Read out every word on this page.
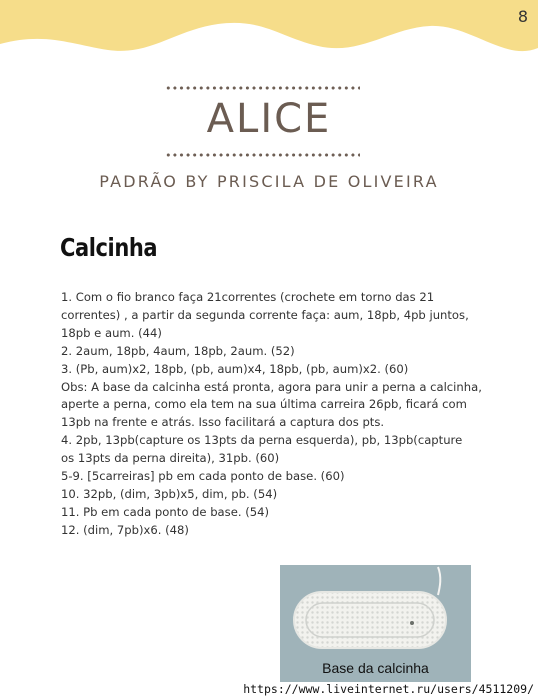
8
ALICE
PADRÃO BY PRISCILA DE OLIVEIRA
Calcinha
1. Com o fio branco faça 21correntes (crochete em torno das 21
correntes) , a partir da segunda corrente faça: aum, 18pb, 4pb juntos,
18pb e aum. (44)
2. 2aum, 18pb, 4aum, 18pb, 2aum. (52)
3. (Pb, aum)x2, 18pb, (pb, aum)x4, 18pb, (pb, aum)x2. (60)
Obs: A base da calcinha está pronta, agora para unir a perna a calcinha,
aperte a perna, como ela tem na sua última carreira 26pb, ficará com
13pb na frente e atrás. Isso facilitará a captura dos pts.
4. 2pb, 13pb(capture os 13pts da perna esquerda), pb, 13pb(capture
os 13pts da perna direita), 31pb. (60)
5-9. [5carreiras] pb em cada ponto de base. (60)
10. 32pb, (dim, 3pb)x5, dim, pb. (54)
11. Pb em cada ponto de base. (54)
12. (dim, 7pb)x6. (48)
Base da calcinha
https://www.liveinternet.ru/users/4511209/
